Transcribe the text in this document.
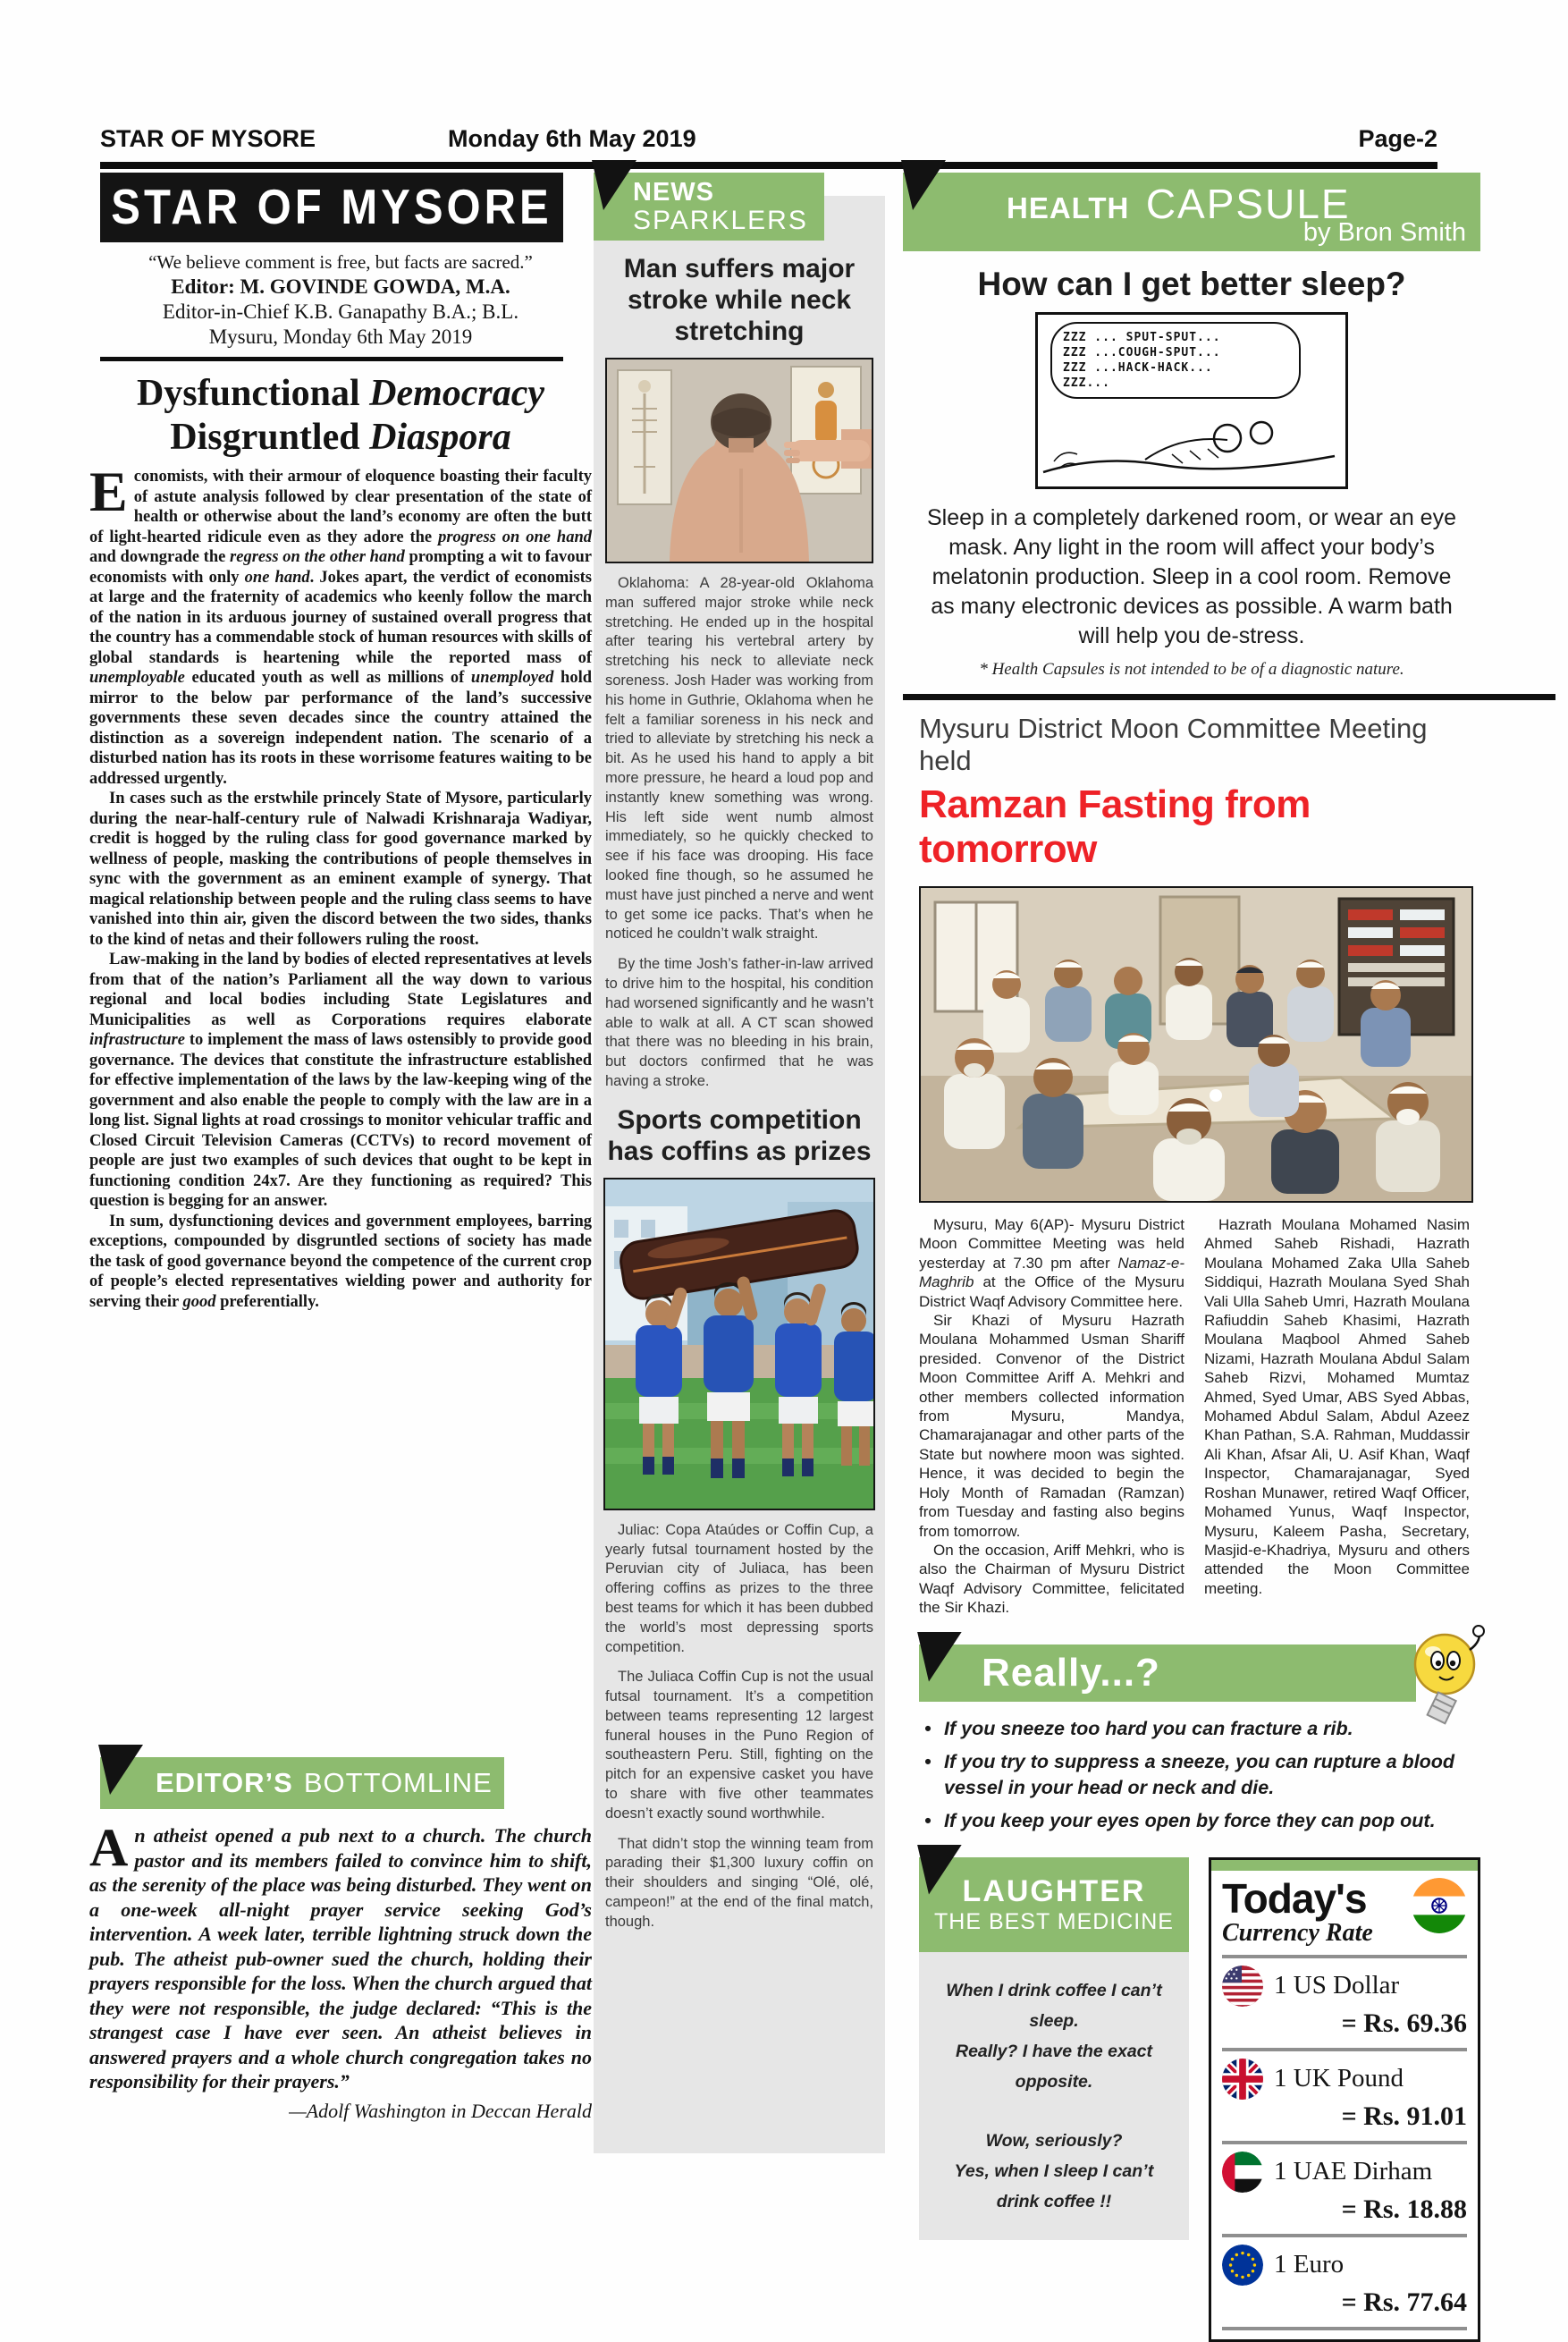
STAR OF MYSORE	Monday 6th May 2019	Page-2
STAR OF MYSORE
“We believe comment is free, but facts are sacred.”
Editor: M. GOVINDE GOWDA, M.A.
Editor-in-Chief K.B. Ganapathy B.A.; B.L.
Mysuru, Monday 6th May 2019
Dysfunctional Democracy
Disgruntled Diaspora

Economists, with their armour of eloquence boasting their faculty of astute analysis followed by clear presentation of the state of health or otherwise about the land’s economy are often the butt of light-hearted ridicule even as they adore the progress on one hand and downgrade the regress on the other hand prompting a wit to favour economists with only one hand. Jokes apart, the verdict of economists at large and the fraternity of academics who keenly follow the march of the nation in its arduous journey of sustained overall progress that the country has a commendable stock of human resources with skills of global standards is heartening while the reported mass of unemployable educated youth as well as millions of unemployed hold mirror to the below par performance of the land’s successive governments these seven decades since the country attained the distinction as a sovereign independent nation. The scenario of a disturbed nation has its roots in these worrisome features waiting to be addressed urgently.

In cases such as the erstwhile princely State of Mysore, particularly during the near-half-century rule of Nalwadi Krishnaraja Wadiyar, credit is hogged by the ruling class for good governance marked by wellness of people, masking the contributions of people themselves in sync with the government as an eminent example of synergy. That magical relationship between people and the ruling class seems to have vanished into thin air, given the discord between the two sides, thanks to the kind of netas and their followers ruling the roost.

Law-making in the land by bodies of elected representatives at levels from that of the nation’s Parliament all the way down to various regional and local bodies including State Legislatures and Municipalities as well as Corporations requires elaborate infrastructure to implement the mass of laws ostensibly to provide good governance. The devices that constitute the infrastructure established for effective implementation of the laws by the law-keeping wing of the government and also enable the people to comply with the law are in a long list. Signal lights at road crossings to monitor vehicular traffic and Closed Circuit Television Cameras (CCTVs) to record movement of people are just two examples of such devices that ought to be kept in functioning condition 24x7. Are they functioning as required? This question is begging for an answer.

In sum, dysfunctioning devices and government employees, barring exceptions, compounded by disgruntled sections of society has made the task of good governance beyond the competence of the current crop of people’s elected representatives wielding power and authority for serving their good preferentially.

EDITOR’S BOTTOMLINE
An atheist opened a pub next to a church. The church pastor and its members failed to convince him to shift, as the serenity of the place was being disturbed. They went on a one-week all-night prayer service seeking God’s intervention. A week later, terrible lightning struck down the pub. The atheist pub-owner sued the church, holding their prayers responsible for the loss. When the church argued that they were not responsible, the judge declared: “This is the strangest case I have ever seen. An atheist believes in answered prayers and a whole church congregation takes no responsibility for their prayers.”
—Adolf Washington in Deccan Herald
NEWS
SPARKLERS
Man suffers major stroke while neck stretching

Oklahoma: A 28-year-old Oklahoma man suffered major stroke while neck stretching. He ended up in the hospital after tearing his vertebral artery by stretching his neck to alleviate neck soreness. Josh Hader was working from his home in Guthrie, Oklahoma when he felt a familiar soreness in his neck and tried to alleviate by stretching his neck a bit. As he used his hand to apply a bit more pressure, he heard a loud pop and instantly knew something was wrong. His left side went numb almost immediately, so he quickly checked to see if his face was drooping. His face looked fine though, so he assumed he must have just pinched a nerve and went to get some ice packs. That’s when he noticed he couldn’t walk straight.

By the time Josh’s father-in-law arrived to drive him to the hospital, his condition had worsened significantly and he wasn’t able to walk at all. A CT scan showed that there was no bleeding in his brain, but doctors confirmed that he was having a stroke.

Sports competition has coffins as prizes

Juliac: Copa Ataúdes or Coffin Cup, a yearly futsal tournament hosted by the Peruvian city of Juliaca, has been offering coffins as prizes to the three best teams for which it has been dubbed the world’s most depressing sports competition.

The Juliaca Coffin Cup is not the usual futsal tournament. It’s a competition between teams representing 12 largest funeral houses in the Puno Region of southeastern Peru. Still, fighting on the pitch for an expensive casket you have to share with five other teammates doesn’t exactly sound worthwhile.

That didn’t stop the winning team from parading their $1,300 luxury coffin on their shoulders and singing “Olé, olé, campeon!” at the end of the final match, though.

HEALTH CAPSULE
by Bron Smith
How can I get better sleep?
ZZZ ... SPUT-SPUT...
ZZZ ...COUGH-SPUT...
ZZZ ...HACK-HACK...
ZZZ...
Sleep in a completely darkened room, or wear an eye mask. Any light in the room will affect your body’s melatonin production. Sleep in a cool room. Remove as many electronic devices as possible. A warm bath will help you de-stress.
* Health Capsules is not intended to be of a diagnostic nature.
Mysuru District Moon Committee Meeting held
Ramzan Fasting from tomorrow

Mysuru, May 6(AP)- Mysuru District Moon Committee Meeting was held yesterday at 7.30 pm after Namaz-e-Maghrib at the Office of the Mysuru District Waqf Advisory Committee here.

Sir Khazi of Mysuru Hazrath Moulana Mohammed Usman Shariff presided. Convenor of the District Moon Committee Ariff A. Mehkri and other members collected information from Mysuru, Mandya, Chamarajanagar and other parts of the State but nowhere moon was sighted. Hence, it was decided to begin the Holy Month of Ramadan (Ramzan) from Tuesday and fasting also begins from tomorrow.

On the occasion, Ariff Mehkri, who is also the Chairman of Mysuru District Waqf Advisory Committee, felicitated the Sir Khazi.

Hazrath Moulana Mohamed Nasim Ahmed Saheb Rishadi, Hazrath Moulana Mohamed Zaka Ulla Saheb Siddiqui, Hazrath Moulana Syed Shah Vali Ulla Saheb Umri, Hazrath Moulana Rafiuddin Saheb Khasimi, Hazrath Moulana Maqbool Ahmed Saheb Nizami, Hazrath Moulana Abdul Salam Saheb Rizvi, Mohamed Mumtaz Ahmed, Syed Umar, ABS Syed Abbas, Mohamed Abdul Salam, Abdul Azeez Khan Pathan, S.A. Rahman, Muddassir Ali Khan, Afsar Ali, U. Asif Khan, Waqf Inspector, Chamarajanagar, Syed Roshan Munawer, retired Waqf Officer, Mohamed Yunus, Waqf Inspector, Mysuru, Kaleem Pasha, Secretary, Masjid-e-Khadriya, Mysuru and others attended the Moon Committee meeting.

Really...?
• If you sneeze too hard you can fracture a rib.
• If you try to suppress a sneeze, you can rupture a blood vessel in your head or neck and die.
• If you keep your eyes open by force they can pop out.
LAUGHTER
THE BEST MEDICINE

When I drink coffee I can’t sleep.

Really? I have the exact opposite.

Wow, seriously?

Yes, when I sleep I can’t drink coffee !!

Today's
Currency Rate
1 US Dollar
= Rs. 69.36
1 UK Pound
= Rs. 91.01
1 UAE Dirham
= Rs. 18.88
1 Euro
= Rs. 77.64
